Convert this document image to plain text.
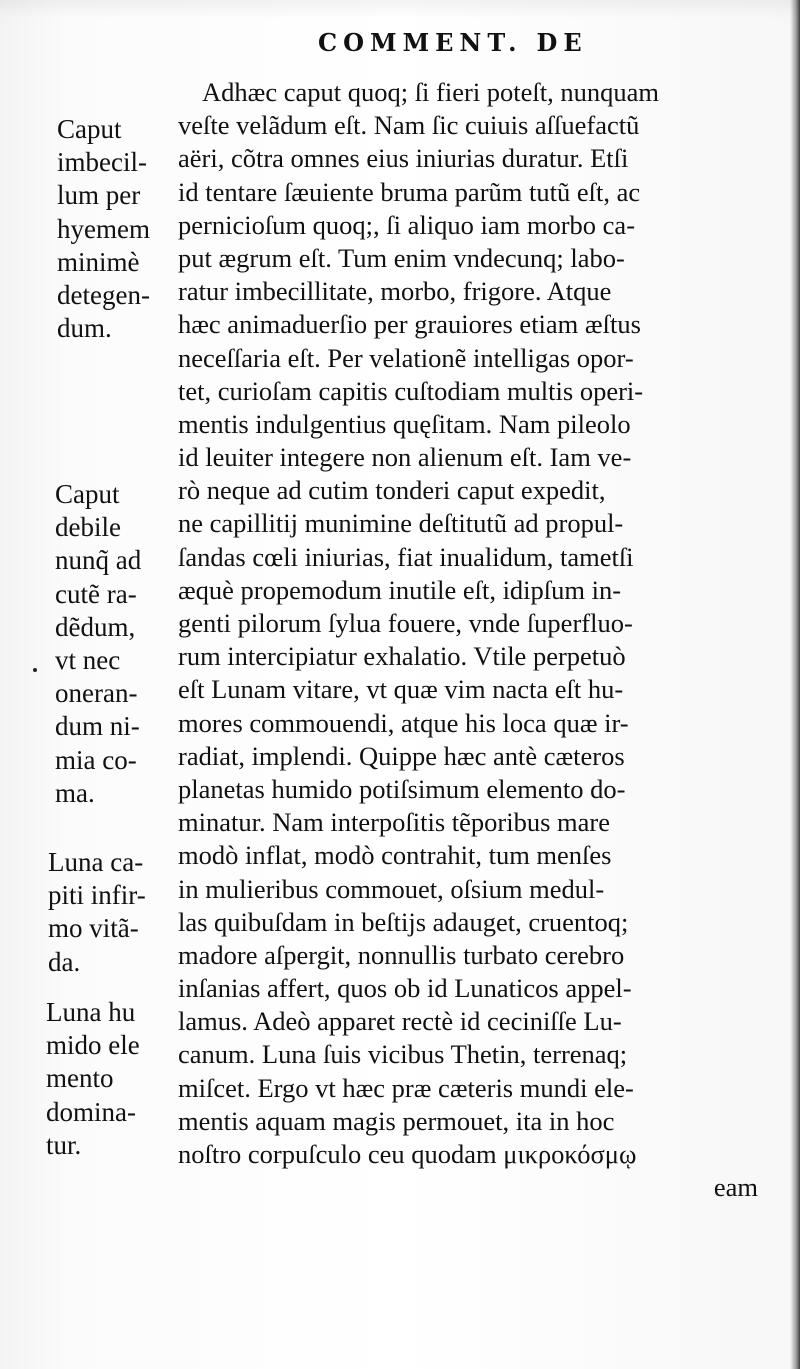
COMMENT. DE
Caput
imbecil-
lum per
hyemem
minimè
detegen-
dum.
Caput
debile
nunq̃ ad
cutẽ ra-
dẽdum,
vt nec
oneran-
dum ni-
mia co-
ma.
Luna ca-
piti infir-
mo vitã-
da.
Luna hu
mido ele
mento
domina-
tur.
Adhæc caput quoq; ſi fieri poteſt, nunquam
veſte velãdum eſt. Nam ſic cuiuis aſſuefactũ
aëri, cõtra omnes eius iniurias duratur. Etſi
id tentare ſæuiente bruma parũm tutũ eſt, ac
pernicioſum quoq;, ſi aliquo iam morbo ca-
put ægrum eſt. Tum enim vndecunq; labo-
ratur imbecillitate, morbo, frigore. Atque
hæc animaduerſio per grauiores etiam æſtus
neceſſaria eſt. Per velationẽ intelligas opor-
tet, curioſam capitis cuſtodiam multis operi-
mentis indulgentius quęſitam. Nam pileolo
id leuiter integere non alienum eſt. Iam ve-
rò neque ad cutim tonderi caput expedit,
ne capillitij munimine deſtitutũ ad propul-
ſandas cœli iniurias, fiat inualidum, tametſi
æquè propemodum inutile eſt, idipſum in-
genti pilorum ſylua fouere, vnde ſuperfluo-
rum intercipiatur exhalatio. Vtile perpetuò
eſt Lunam vitare, vt quæ vim nacta eſt hu-
mores commouendi, atque his loca quæ ir-
radiat, implendi. Quippe hæc antè cæteros
planetas humido potiſsimum elemento do-
minatur. Nam interpoſitis tẽporibus mare
modò inflat, modò contrahit, tum menſes
in mulieribus commouet, oſsium medul-
las quibuſdam in beſtijs adauget, cruentoq;
madore aſpergit, nonnullis turbato cerebro
inſanias affert, quos ob id Lunaticos appel-
lamus. Adeò apparet rectè id ceciniſſe Lu-
canum. Luna ſuis vicibus Thetin, terrenaq;
miſcet. Ergo vt hæc præ cæteris mundi ele-
mentis aquam magis permouet, ita in hoc
noſtro corpuſculo ceu quodam μικροκόσμῳ
eam
